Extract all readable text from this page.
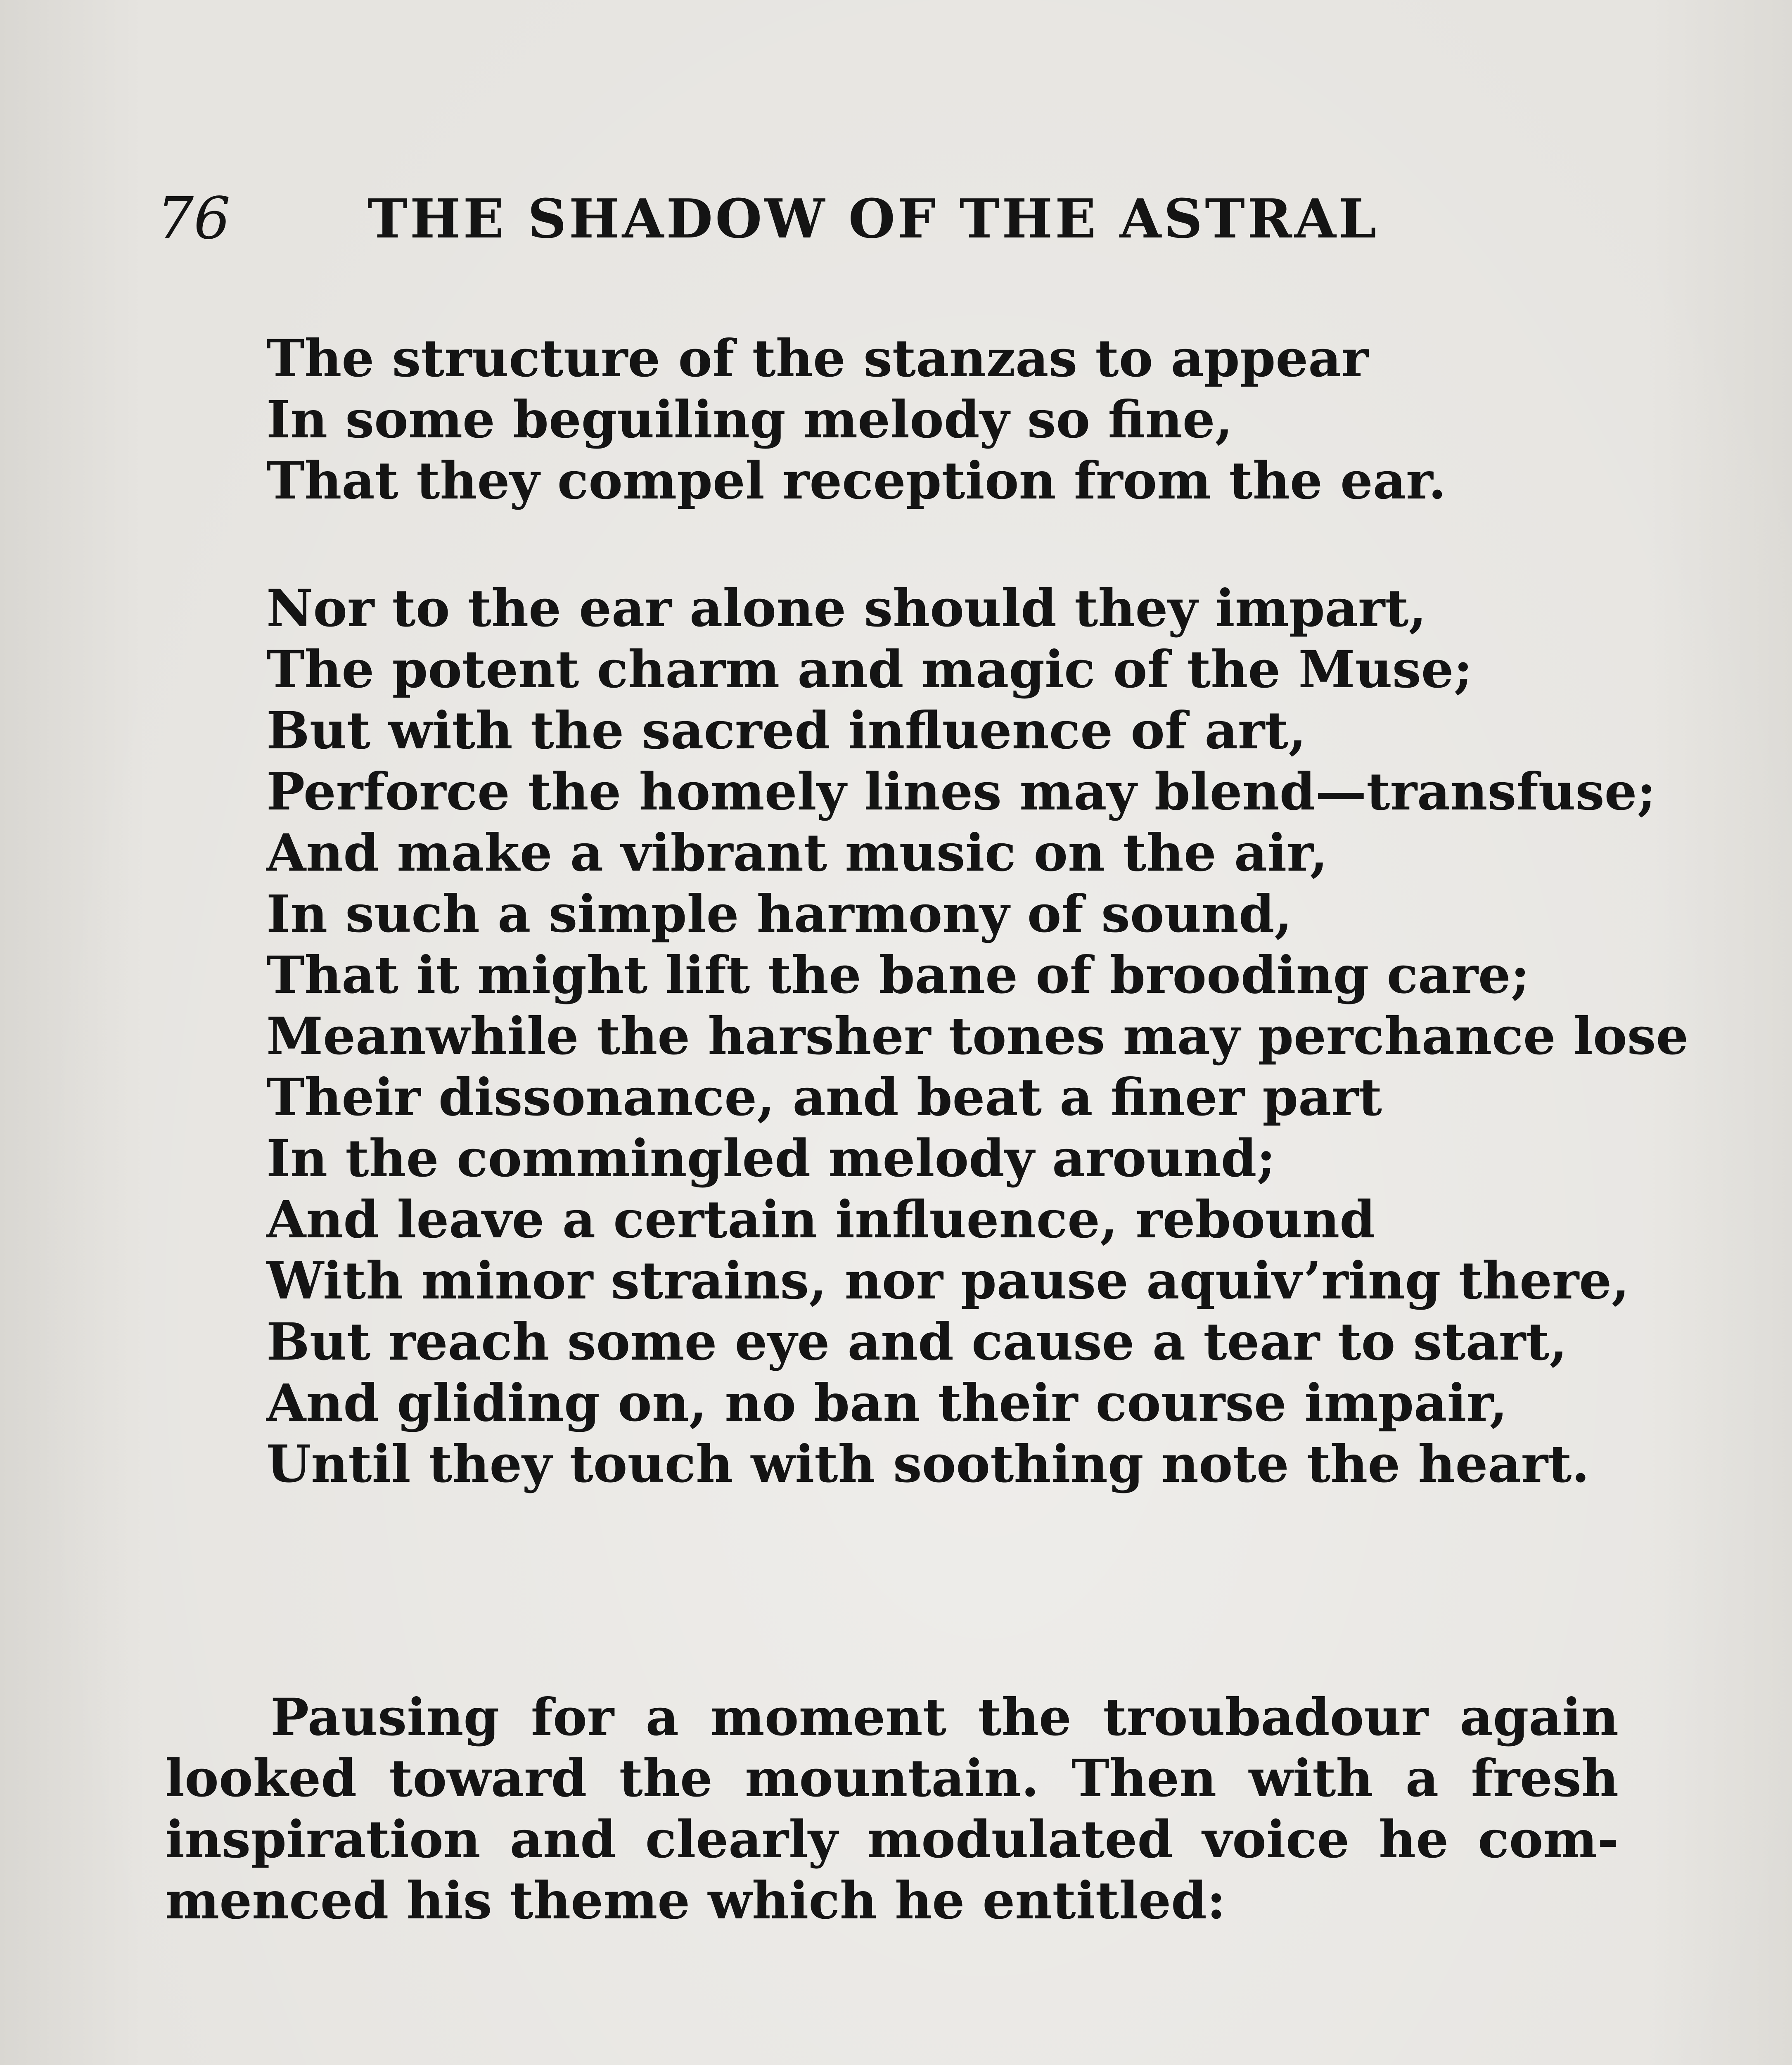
76	THE SHADOW OF THE ASTRAL
The structure of the stanzas to appear
In some beguiling melody so fine,
That they compel reception from the ear.
Nor to the ear alone should they impart,
The potent charm and magic of the Muse;
But with the sacred influence of art,
Perforce the homely lines may blend—transfuse;
And make a vibrant music on the air,
In such a simple harmony of sound,
That it might lift the bane of brooding care;
Meanwhile the harsher tones may perchance lose
Their dissonance, and beat a finer part
In the commingled melody around;
And leave a certain influence, rebound
With minor strains, nor pause aquiv’ring there,
But reach some eye and cause a tear to start,
And gliding on, no ban their course impair,
Until they touch with soothing note the heart.
Pausing for a moment the troubadour again
looked toward the mountain. Then with a fresh
inspiration and clearly modulated voice he com-
menced his theme which he entitled:
